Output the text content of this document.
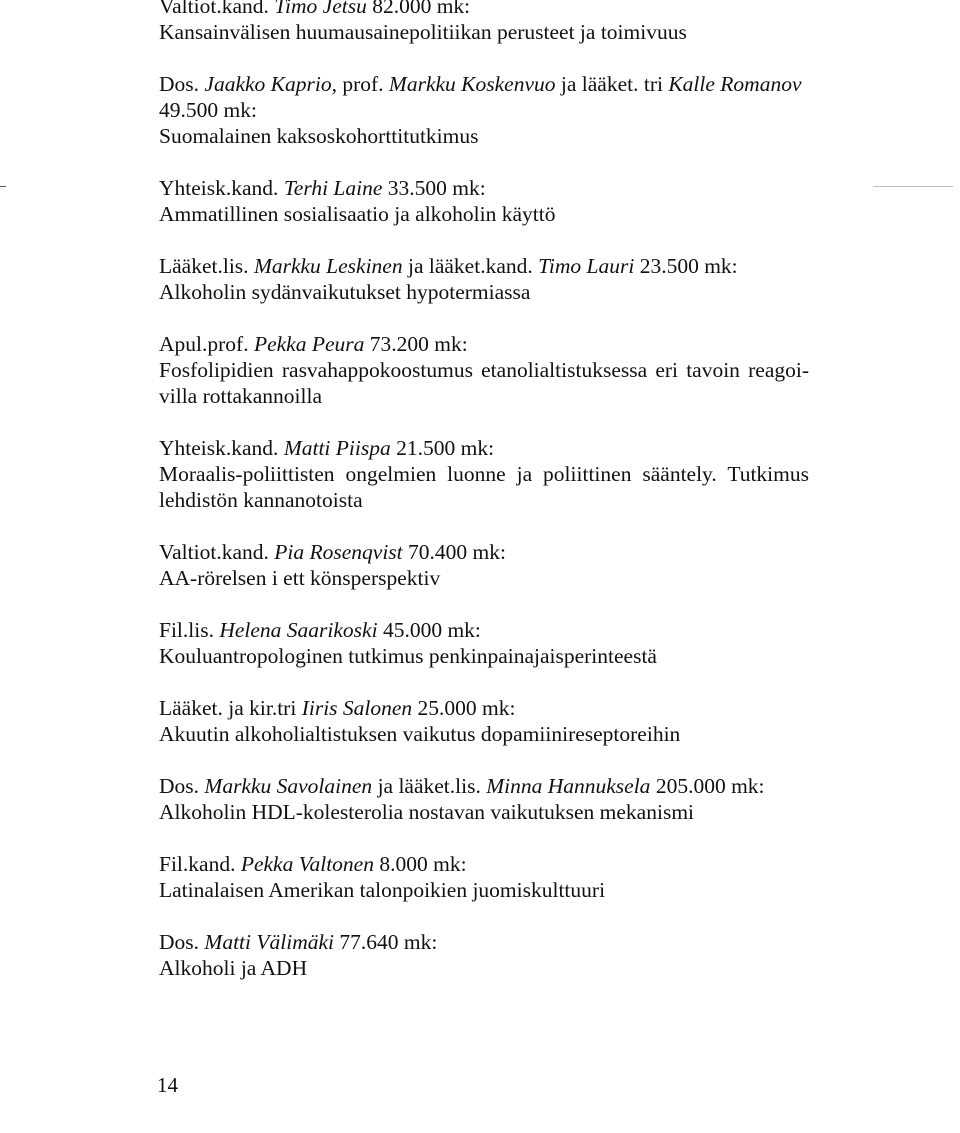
Valtiot.kand. Timo Jetsu 82.000 mk:
Kansainvälisen huumausainepolitiikan perusteet ja toimivuus
Dos. Jaakko Kaprio, prof. Markku Koskenvuo ja lääket. tri Kalle Romanov 49.500 mk:
Suomalainen kaksoskohorttitutkimus
Yhteisk.kand. Terhi Laine 33.500 mk:
Ammatillinen sosialisaatio ja alkoholin käyttö
Lääket.lis. Markku Leskinen ja lääket.kand. Timo Lauri 23.500 mk:
Alkoholin sydänvaikutukset hypotermiassa
Apul.prof. Pekka Peura 73.200 mk:
Fosfolipidien rasvahappokoostumus etanolialtistuksessa eri tavoin reagoi-villa rottakannoilla
Yhteisk.kand. Matti Piispa 21.500 mk:
Moraalis-poliittisten ongelmien luonne ja poliittinen sääntely. Tutkimus lehdistön kannanotoista
Valtiot.kand. Pia Rosenqvist 70.400 mk:
AA-rörelsen i ett könsperspektiv
Fil.lis. Helena Saarikoski 45.000 mk:
Kouluantropologinen tutkimus penkinpainajaisperinteestä
Lääket. ja kir.tri Iiris Salonen 25.000 mk:
Akuutin alkoholialtistuksen vaikutus dopamiinireseptoreihin
Dos. Markku Savolainen ja lääket.lis. Minna Hannuksela 205.000 mk:
Alkoholin HDL-kolesterolia nostavan vaikutuksen mekanismi
Fil.kand. Pekka Valtonen 8.000 mk:
Latinalaisen Amerikan talonpoikien juomiskulttuuri
Dos. Matti Välimäki 77.640 mk:
Alkoholi ja ADH
14
